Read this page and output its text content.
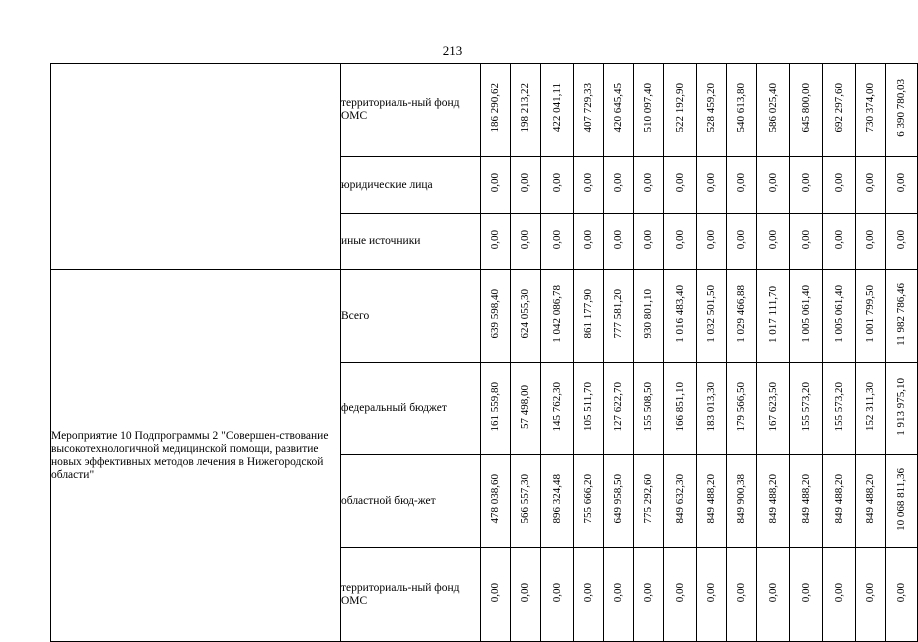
213
	территориаль-ный фонд ОМС	186 290,62	198 213,22	422 041,11	407 729,33	420 645,45	510 097,40	522 192,90	528 459,20	540 613,80	586 025,40	645 800,00	692 297,60	730 374,00	6 390 780,03
	юридические лица	0,00	0,00	0,00	0,00	0,00	0,00	0,00	0,00	0,00	0,00	0,00	0,00	0,00	0,00
	иные источники	0,00	0,00	0,00	0,00	0,00	0,00	0,00	0,00	0,00	0,00	0,00	0,00	0,00	0,00
Мероприятие 10 Подпрограммы 2 "Совершен-ствование высокотехнологичной медицинской помощи, развитие новых эффективных методов лечения в Нижегородской области"	Всего	639 598,40	624 055,30	1 042 086,78	861 177,90	777 581,20	930 801,10	1 016 483,40	1 032 501,50	1 029 466,88	1 017 111,70	1 005 061,40	1 005 061,40	1 001 799,50	11 982 786,46
	федеральный бюджет	161 559,80	57 498,00	145 762,30	105 511,70	127 622,70	155 508,50	166 851,10	183 013,30	179 566,50	167 623,50	155 573,20	155 573,20	152 311,30	1 913 975,10
	областной бюд-жет	478 038,60	566 557,30	896 324,48	755 666,20	649 958,50	775 292,60	849 632,30	849 488,20	849 900,38	849 488,20	849 488,20	849 488,20	849 488,20	10 068 811,36
	территориаль-ный фонд ОМС	0,00	0,00	0,00	0,00	0,00	0,00	0,00	0,00	0,00	0,00	0,00	0,00	0,00	0,00
